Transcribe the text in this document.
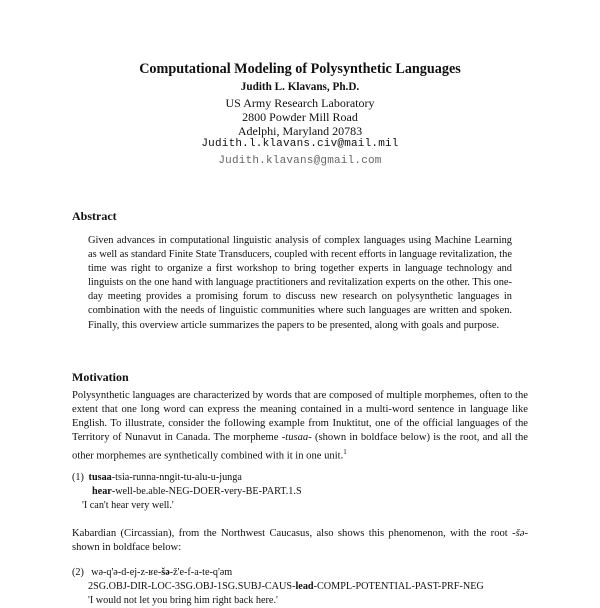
Computational Modeling of Polysynthetic Languages
Judith L. Klavans, Ph.D.
US Army Research Laboratory
2800 Powder Mill Road
Adelphi, Maryland 20783
Judith.l.klavans.civ@mail.mil
Judith.klavans@gmail.com
Abstract
Given advances in computational linguistic analysis of complex languages using Machine Learning as well as standard Finite State Transducers, coupled with recent efforts in language revitalization, the time was right to organize a first workshop to bring together experts in language technology and linguists on the one hand with language practitioners and revitalization experts on the other. This one-day meeting provides a promising forum to discuss new research on polysynthetic languages in combination with the needs of linguistic communities where such languages are written and spoken. Finally, this overview article summarizes the papers to be presented, along with goals and purpose.
Motivation
Polysynthetic languages are characterized by words that are composed of multiple morphemes, often to the extent that one long word can express the meaning contained in a multi-word sentence in language like English. To illustrate, consider the following example from Inuktitut, one of the official languages of the Territory of Nunavut in Canada. The morpheme -tusaa- (shown in boldface below) is the root, and all the other morphemes are synthetically combined with it in one unit.$^1$
(1) tusaa-tsia-runna-nngit-tu-alu-u-junga
hear-well-be.able-NEG-DOER-very-BE-PART.1.S
'I can't hear very well.'
Kabardian (Circassian), from the Northwest Caucasus, also shows this phenomenon, with the root -šə- shown in boldface below:
(2) wə-q'ə-d-ej-z-ʁe-šə-ž'e-f-a-te-q'əm
2SG.OBJ-DIR-LOC-3SG.OBJ-1SG.SUBJ-CAUS-lead-COMPL-POTENTIAL-PAST-PRF-NEG
'I would not let you bring him right back here.'
